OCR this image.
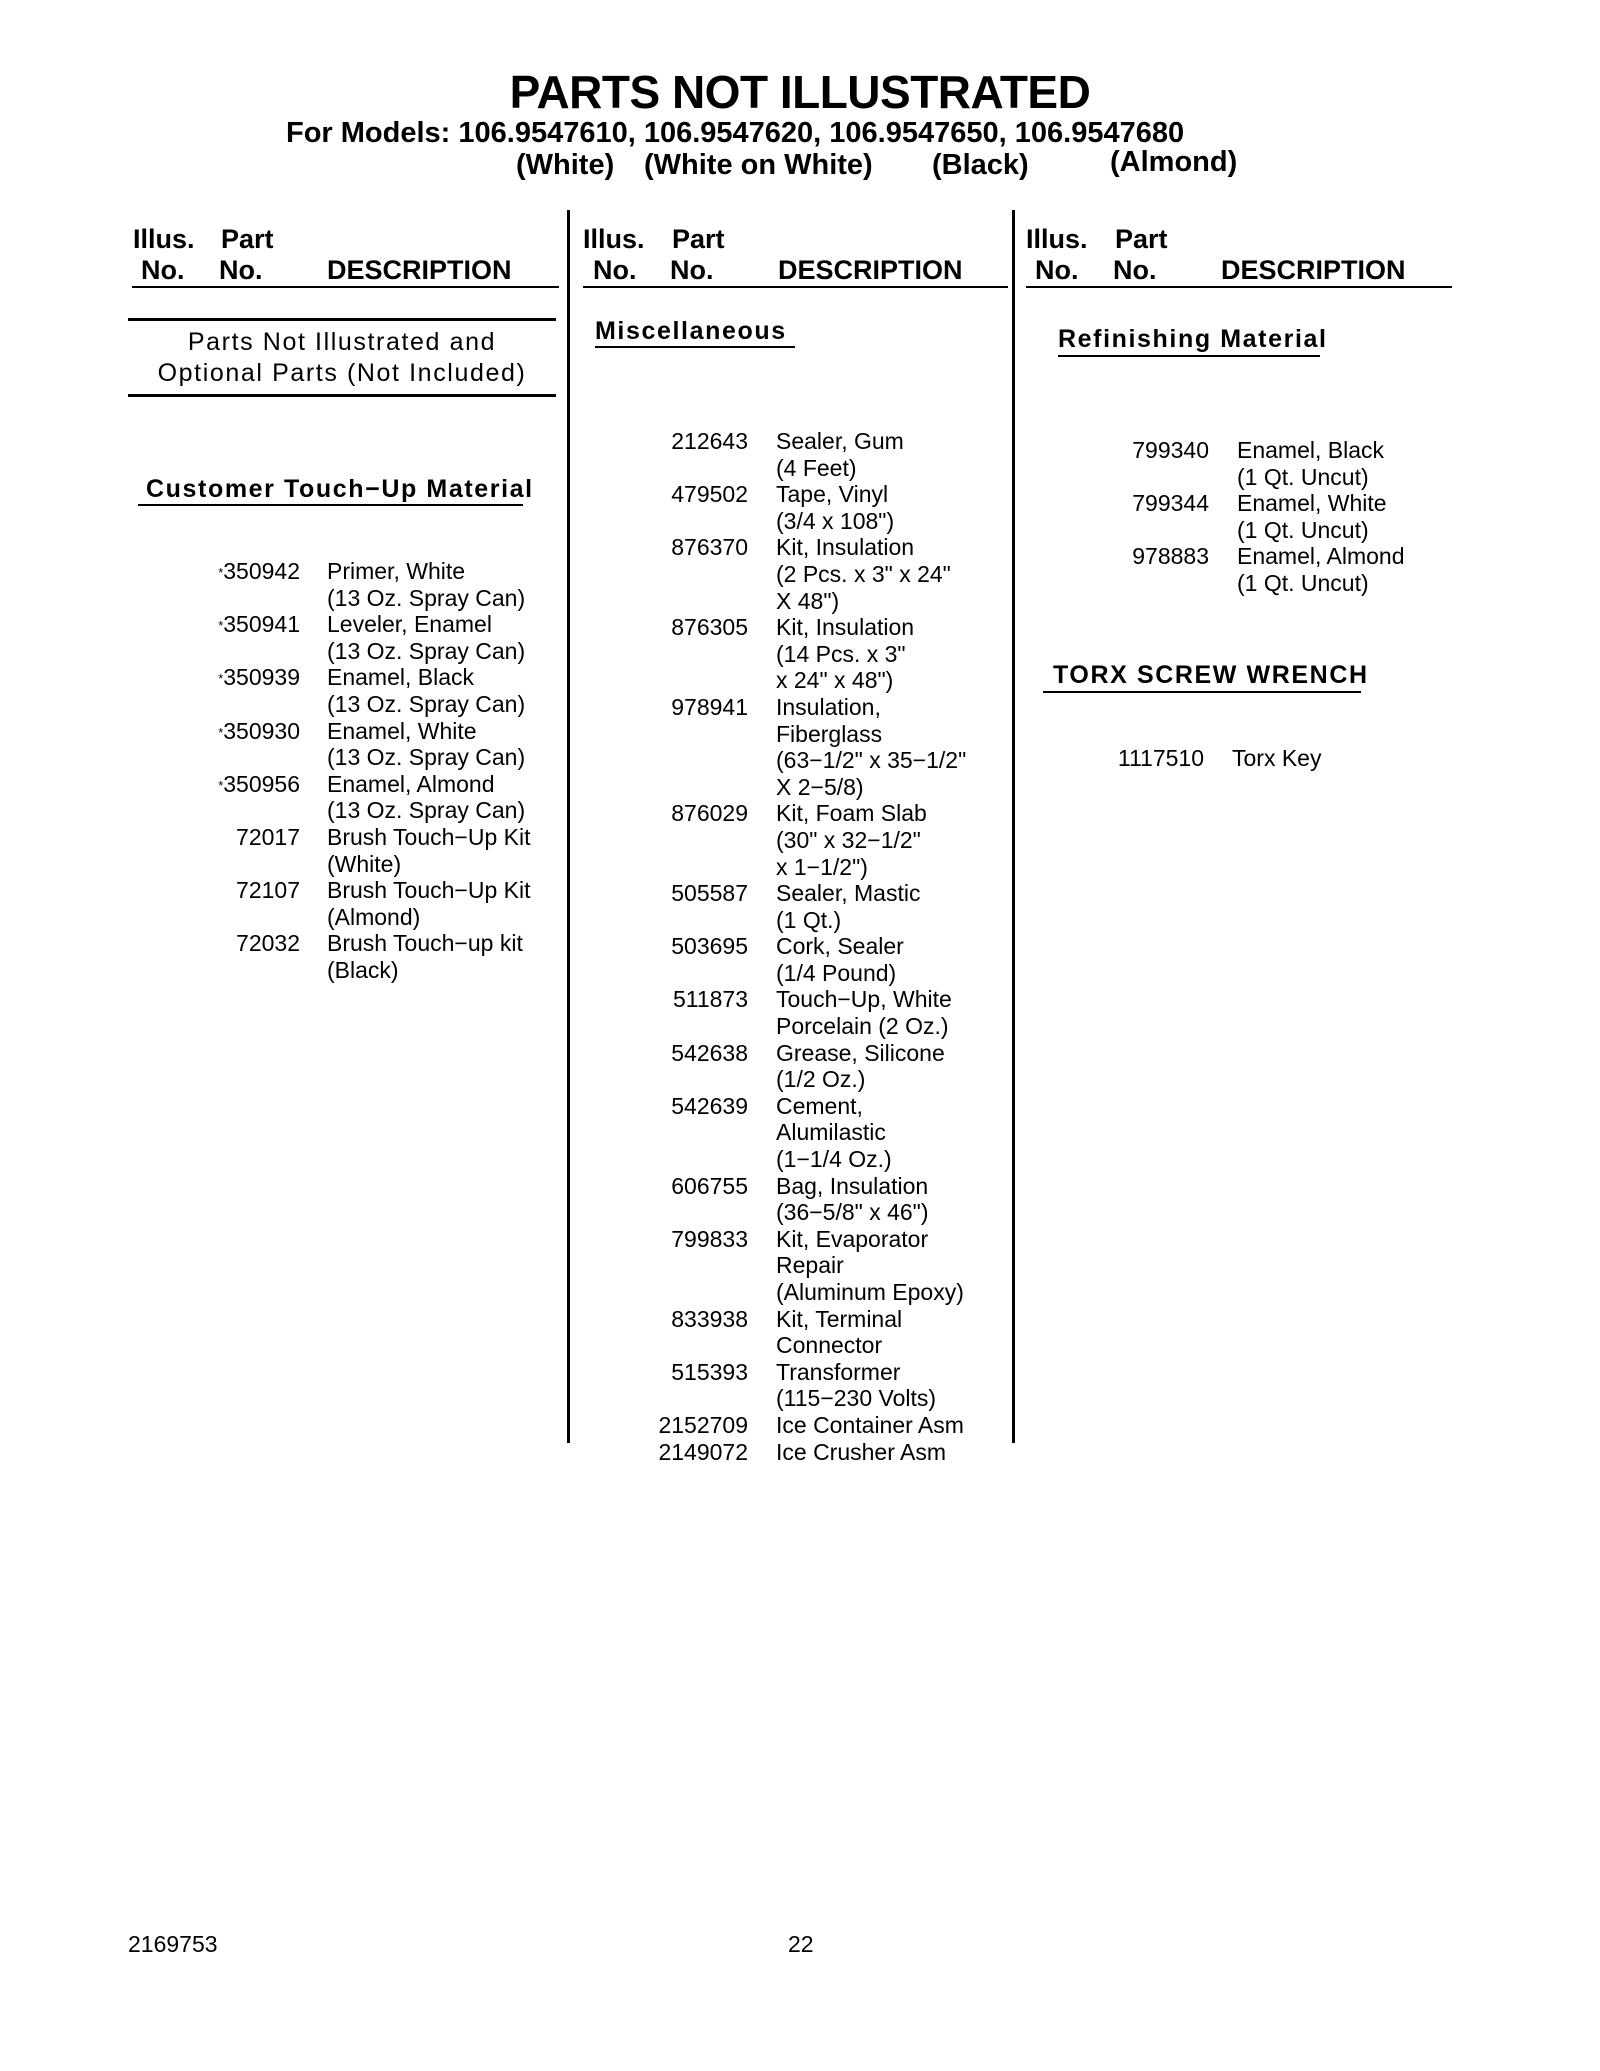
PARTS NOT ILLUSTRATED
For Models: 106.9547610, 106.9547620, 106.9547650, 106.9547680
(White) (White on White) (Black)	(Almond)
Illus. Part
No. No. DESCRIPTION
Illus. Part
No. No. DESCRIPTION
Illus. Part
No. No. DESCRIPTION
Parts Not Illustrated and
Optional Parts (Not Included)
Customer Touch−Up Material
*350942 Primer, White
(13 Oz. Spray Can)
*350941 Leveler, Enamel
(13 Oz. Spray Can)
*350939 Enamel, Black
(13 Oz. Spray Can)
*350930 Enamel, White
(13 Oz. Spray Can)
*350956 Enamel, Almond
(13 Oz. Spray Can)
72017 Brush Touch−Up Kit
(White)
72107 Brush Touch−Up Kit
(Almond)
72032 Brush Touch−up kit
(Black)
Miscellaneous
212643 Sealer, Gum
(4 Feet)
479502 Tape, Vinyl
(3/4 x 108")
876370 Kit, Insulation
(2 Pcs. x 3" x 24"
X 48")
876305 Kit, Insulation
(14 Pcs. x 3"
x 24" x 48")
978941 Insulation,
Fiberglass
(63−1/2" x 35−1/2"
X 2−5/8)
876029 Kit, Foam Slab
(30" x 32−1/2"
x 1−1/2")
505587 Sealer, Mastic
(1 Qt.)
503695 Cork, Sealer
(1/4 Pound)
511873 Touch−Up, White
Porcelain (2 Oz.)
542638 Grease, Silicone
(1/2 Oz.)
542639 Cement,
Alumilastic
(1−1/4 Oz.)
606755 Bag, Insulation
(36−5/8" x 46")
799833 Kit, Evaporator
Repair
(Aluminum Epoxy)
833938 Kit, Terminal
Connector
515393 Transformer
(115−230 Volts)
2152709 Ice Container Asm
2149072 Ice Crusher Asm
Refinishing Material
799340 Enamel, Black
(1 Qt. Uncut)
799344 Enamel, White
(1 Qt. Uncut)
978883 Enamel, Almond
(1 Qt. Uncut)
TORX SCREW WRENCH
1117510 Torx Key
2169753	22
